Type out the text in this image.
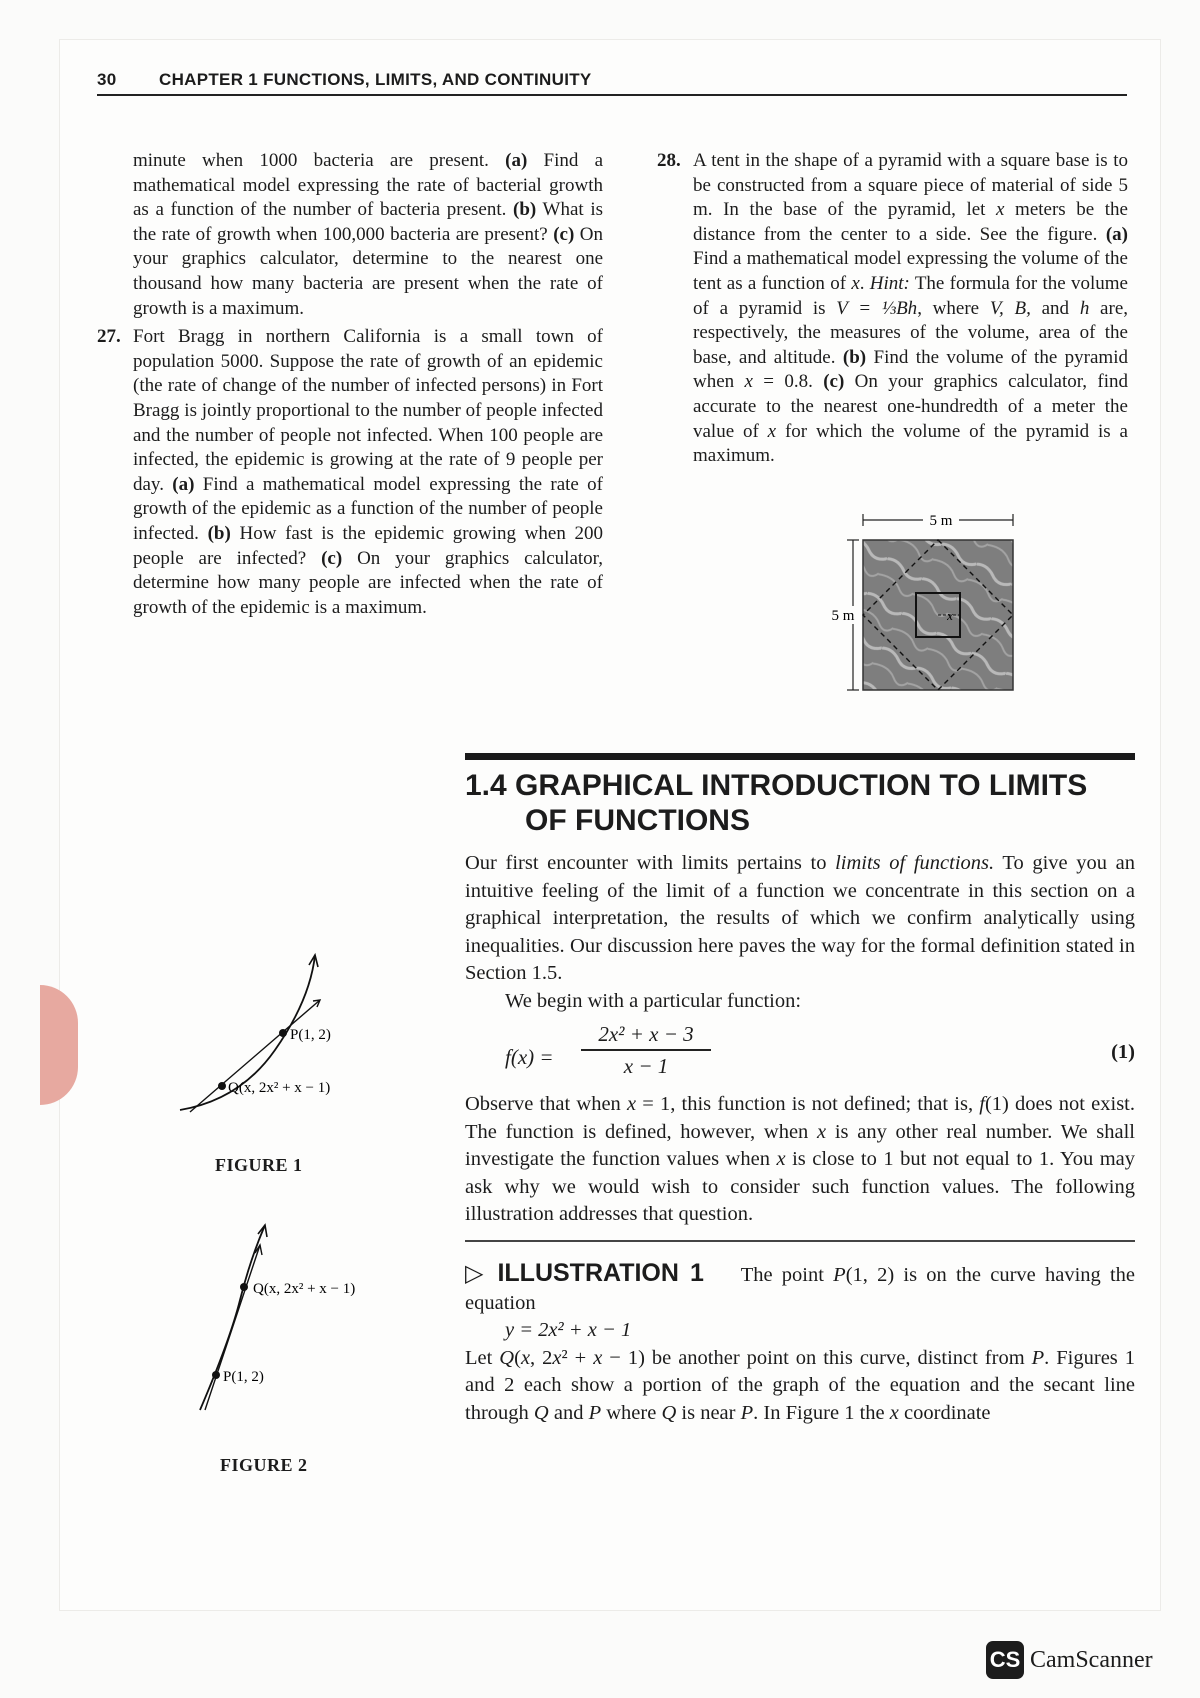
30 CHAPTER 1 FUNCTIONS, LIMITS, AND CONTINUITY

minute when 1000 bacteria are present. (a) Find a mathematical model expressing the rate of bacterial growth as a function of the number of bacteria present. (b) What is the rate of growth when 100,000 bacteria are present? (c) On your graphics calculator, determine to the nearest one thousand how many bacteria are present when the rate of growth is a maximum.

27. Fort Bragg in northern California is a small town of population 5000. Suppose the rate of growth of an epidemic (the rate of change of the number of infected persons) in Fort Bragg is jointly proportional to the number of people infected and the number of people not infected. When 100 people are infected, the epidemic is growing at the rate of 9 people per day. (a) Find a mathematical model expressing the rate of growth of the epidemic as a function of the number of people infected. (b) How fast is the epidemic growing when 200 people are infected? (c) On your graphics calculator, determine how many people are infected when the rate of growth of the epidemic is a maximum.

28. A tent in the shape of a pyramid with a square base is to be constructed from a square piece of material of side 5 m. In the base of the pyramid, let x meters be the distance from the center to a side. See the figure. (a) Find a mathematical model expressing the volume of the tent as a function of x. Hint: The formula for the volume of a pyramid is V = ⅓Bh, where V, B, and h are, respectively, the measures of the volume, area of the base, and altitude. (b) Find the volume of the pyramid when x = 0.8. (c) On your graphics calculator, find accurate to the nearest one-hundredth of a meter the value of x for which the volume of the pyramid is a maximum.

5 m
5 m	x
1.4 GRAPHICAL INTRODUCTION TO LIMITS
OF FUNCTIONS

Our first encounter with limits pertains to limits of functions. To give you an intuitive feeling of the limit of a function we concentrate in this section on a graphical interpretation, the results of which we confirm analytically using inequalities. Our discussion here paves the way for the formal definition stated in Section 1.5.

We begin with a particular function:

f(x) =
2x² + x − 3
x − 1
(1)

Observe that when x = 1, this function is not defined; that is, f(1) does not exist. The function is defined, however, when x is any other real number. We shall investigate the function values when x is close to 1 but not equal to 1. You may ask why we would wish to consider such function values. The following illustration addresses that question.

▷ ILLUSTRATION 1 The point P(1, 2) is on the curve having the equation

y = 2x² + x − 1

Let Q(x, 2x² + x − 1) be another point on this curve, distinct from P. Figures 1 and 2 each show a portion of the graph of the equation and the secant line through Q and P where Q is near P. In Figure 1 the x coordinate

P(1, 2)
Q(x, 2x² + x − 1)
FIGURE 1
Q(x, 2x² + x − 1)
P(1, 2)
FIGURE 2
CS CamScanner
